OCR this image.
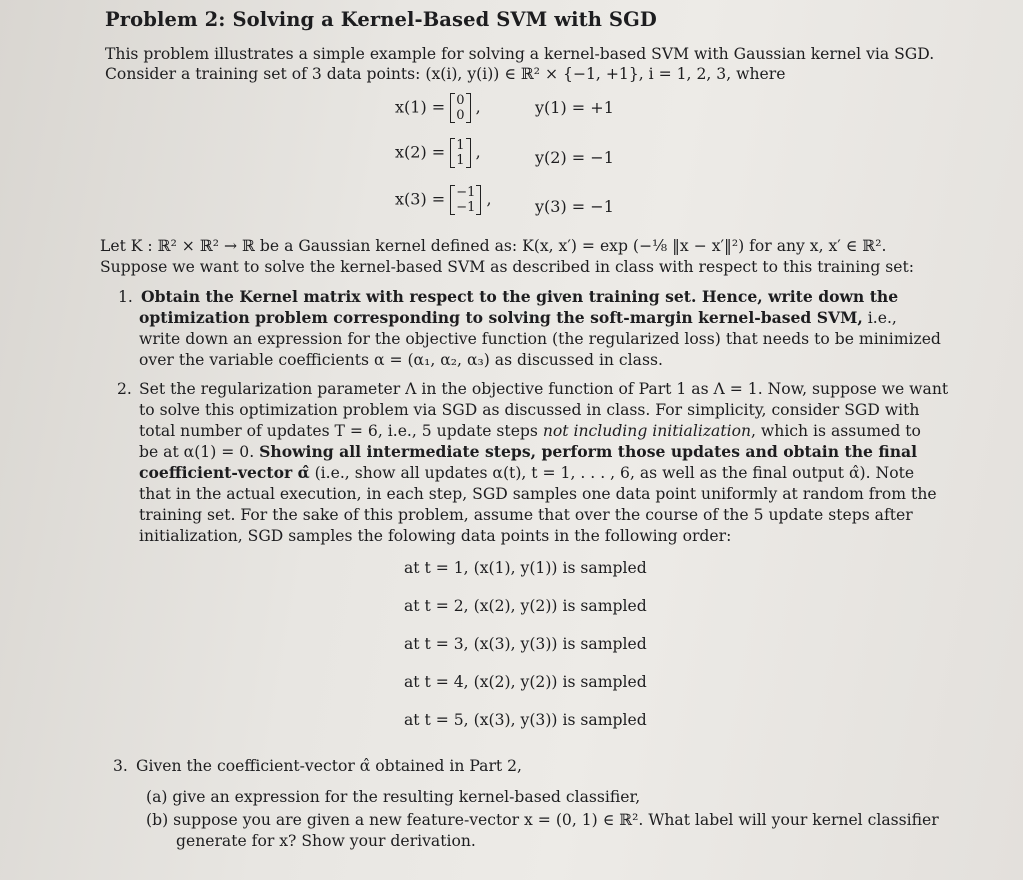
Problem 2: Solving a Kernel-Based SVM with SGD
This problem illustrates a simple example for solving a kernel-based SVM with Gaussian kernel via SGD.
Consider a training set of 3 data points: (x(i), y(i)) ∈ ℝ² × {−1, +1}, i = 1, 2, 3, where
x(1) = 0
0 ,	y(1) = +1
x(2) = 1
1 ,	y(2) = −1
x(3) = −1
−1 ,	y(3) = −1
Let K : ℝ² × ℝ² → ℝ be a Gaussian kernel defined as: K(x, x′) = exp (−⅛ ‖x − x′‖²) for any x, x′ ∈ ℝ².
Suppose we want to solve the kernel-based SVM as described in class with respect to this training set:
1. Obtain the Kernel matrix with respect to the given training set. Hence, write down the
optimization problem corresponding to solving the soft-margin kernel-based SVM, i.e.,
write down an expression for the objective function (the regularized loss) that needs to be minimized
over the variable coefficients α = (α₁, α₂, α₃) as discussed in class.
2. Set the regularization parameter Λ in the objective function of Part 1 as Λ = 1. Now, suppose we want
to solve this optimization problem via SGD as discussed in class. For simplicity, consider SGD with
total number of updates T = 6, i.e., 5 update steps not including initialization, which is assumed to
be at α(1) = 0. Showing all intermediate steps, perform those updates and obtain the final
coefficient-vector α̂ (i.e., show all updates α(t), t = 1, . . . , 6, as well as the final output α̂). Note
that in the actual execution, in each step, SGD samples one data point uniformly at random from the
training set. For the sake of this problem, assume that over the course of the 5 update steps after
initialization, SGD samples the folowing data points in the following order:
at t = 1, (x(1), y(1)) is sampled
at t = 2, (x(2), y(2)) is sampled
at t = 3, (x(3), y(3)) is sampled
at t = 4, (x(2), y(2)) is sampled
at t = 5, (x(3), y(3)) is sampled
3. Given the coefficient-vector α̂ obtained in Part 2,
(a) give an expression for the resulting kernel-based classifier,
(b) suppose you are given a new feature-vector x = (0, 1) ∈ ℝ². What label will your kernel classifier
generate for x? Show your derivation.
